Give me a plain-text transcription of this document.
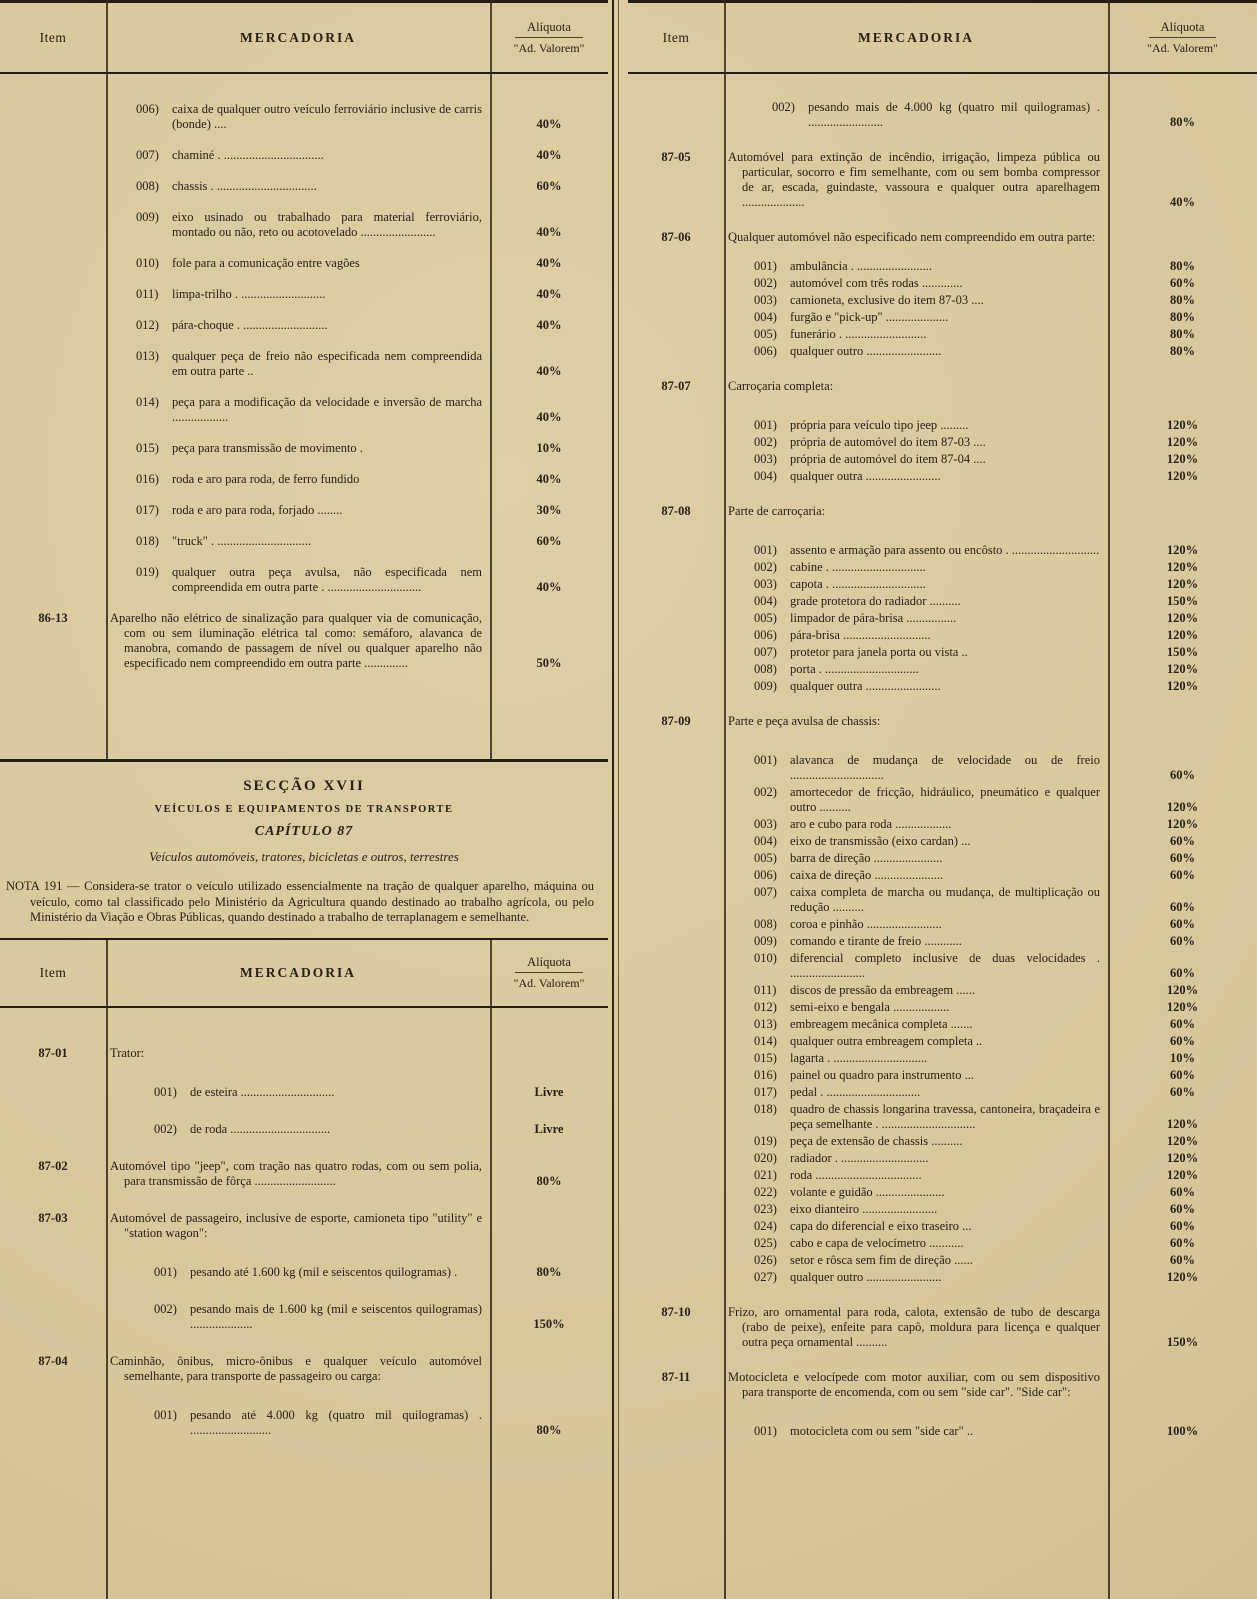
Item	MERCADORIA
Alíquota
"Ad. Valorem"
006)	caixa de qualquer outro veículo ferroviário inclusive de carris (bonde) ....	40%
007)	chaminé . ................................	40%
008)	chassis . ................................	60%
009)	eixo usinado ou trabalhado para material ferroviário, montado ou não, reto ou acotovelado ........................	40%
010)	fole para a comunicação entre vagões	40%
011)	limpa-trilho . ...........................	40%
012)	pára-choque . ...........................	40%
013)	qualquer peça de freio não especificada nem compreendida em outra parte ..	40%
014)	peça para a modificação da velocidade e inversão de marcha ..................	40%
015)	peça para transmissão de movimento .	10%
016)	roda e aro para roda, de ferro fundido	40%
017)	roda e aro para roda, forjado ........	30%
018)	"truck" . ..............................	60%
019)	qualquer outra peça avulsa, não especificada nem compreendida em outra parte . ..............................	40%
86-13	Aparelho não elétrico de sinalização para qualquer via de comunicação, com ou sem iluminação elétrica tal como: semáforo, alavanca de manobra, comando de passagem de nível ou qualquer aparelho não especificado nem compreendido em outra parte ..............	50%
SECÇÃO XVII
VEÍCULOS E EQUIPAMENTOS DE TRANSPORTE
CAPÍTULO 87
Veículos automóveis, tratores, bicicletas e outros, terrestres
NOTA 191 — Considera-se trator o veículo utilizado essencialmente na tração de qualquer aparelho, máquina ou veículo, como tal classificado pelo Ministério da Agricultura quando destinado ao trabalho agrícola, ou pelo Ministério da Viação e Obras Públicas, quando destinado a trabalho de terraplanagem e semelhante.
Item	MERCADORIA
Alíquota
"Ad. Valorem"
87-01	Trator:
001)	de esteira ..............................	Livre
002)	de roda ................................	Livre
87-02	Automóvel tipo "jeep", com tração nas quatro rodas, com ou sem polia, para transmissão de fôrça ..........................	80%
87-03	Automóvel de passageiro, inclusive de esporte, camioneta tipo "utility" e "station wagon":
001)	pesando até 1.600 kg (mil e seiscentos quilogramas) .	80%
002)	pesando mais de 1.600 kg (mil e seiscentos quilogramas) ....................	150%
87-04	Caminhão, ônibus, micro-ônibus e qualquer veículo automóvel semelhante, para transporte de passageiro ou carga:
001)	pesando até 4.000 kg (quatro mil quilogramas) . ..........................	80%
Item	MERCADORIA
Alíquota
"Ad. Valorem"
002)	pesando mais de 4.000 kg (quatro mil quilogramas) . ........................	80%
87-05	Automóvel para extinção de incêndio, irrigação, limpeza pública ou particular, socorro e fim semelhante, com ou sem bomba compressor de ar, escada, guindaste, vassoura e qualquer outra aparelhagem ....................	40%
87-06	Qualquer automóvel não especificado nem compreendido em outra parte:
001)	ambulância . ........................	80%
002)	automóvel com três rodas .............	60%
003)	camioneta, exclusive do item 87-03 ....	80%
004)	furgão e "pick-up" ....................	80%
005)	funerário . ..........................	80%
006)	qualquer outro ........................	80%
87-07	Carroçaria completa:
001)	própria para veículo tipo jeep .........	120%
002)	própria de automóvel do item 87-03 ....	120%
003)	própria de automóvel do item 87-04 ....	120%
004)	qualquer outra ........................	120%
87-08	Parte de carroçaria:
001)	assento e armação para assento ou encôsto . ............................	120%
002)	cabine . ..............................	120%
003)	capota . ..............................	120%
004)	grade protetora do radiador ..........	150%
005)	limpador de pára-brisa ................	120%
006)	pára-brisa ............................	120%
007)	protetor para janela porta ou vista ..	150%
008)	porta . ..............................	120%
009)	qualquer outra ........................	120%
87-09	Parte e peça avulsa de chassis:
001)	alavanca de mudança de velocidade ou de freio ..............................	60%
002)	amortecedor de fricção, hidráulico, pneumático e qualquer outro ..........	120%
003)	aro e cubo para roda ..................	120%
004)	eixo de transmissão (eixo cardan) ...	60%
005)	barra de direção ......................	60%
006)	caixa de direção ......................	60%
007)	caixa completa de marcha ou mudança, de multiplicação ou redução ..........	60%
008)	coroa e pinhão ........................	60%
009)	comando e tirante de freio ............	60%
010)	diferencial completo inclusive de duas velocidades . ........................	60%
011)	discos de pressão da embreagem ......	120%
012)	semi-eixo e bengala ..................	120%
013)	embreagem mecânica completa .......	60%
014)	qualquer outra embreagem completa ..	60%
015)	lagarta . ..............................	10%
016)	painel ou quadro para instrumento ...	60%
017)	pedal . ..............................	60%
018)	quadro de chassis longarina travessa, cantoneira, braçadeira e peça semelhante . ..............................	120%
019)	peça de extensão de chassis ..........	120%
020)	radiador . ............................	120%
021)	roda ..................................	120%
022)	volante e guidão ......................	60%
023)	eixo dianteiro ........................	60%
024)	capa do diferencial e eixo traseiro ...	60%
025)	cabo e capa de velocímetro ...........	60%
026)	setor e rôsca sem fim de direção ......	60%
027)	qualquer outro ........................	120%
87-10	Frizo, aro ornamental para roda, calota, extensão de tubo de descarga (rabo de peixe), enfeite para capô, moldura para licença e qualquer outra peça ornamental ..........	150%
87-11	Motocicleta e velocípede com motor auxiliar, com ou sem dispositivo para transporte de encomenda, com ou sem "side car". "Side car":
001)	motocicleta com ou sem "side car" ..	100%
